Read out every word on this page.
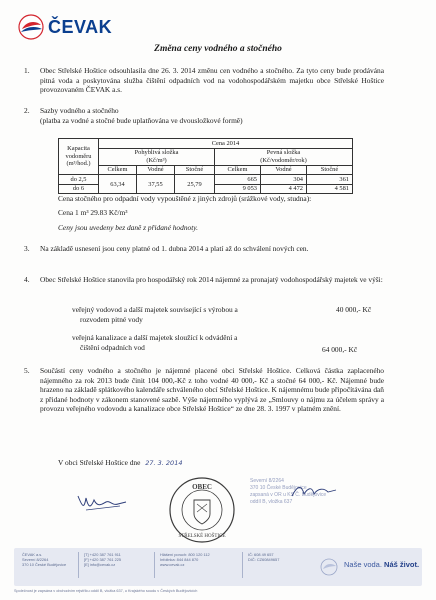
ČEVAK
Změna ceny vodného a stočného
1. Obec Střelské Hoštice odsouhlasila dne 26. 3. 2014 změnu cen vodného a stočného. Za tyto ceny bude prodávána pitná voda a poskytována služba čištění odpadních vod na vodohospodářském majetku obce Střelské Hoštice provozovaném ČEVAK a.s.
2. Sazby vodného a stočného
(platba za vodné a stočné bude uplatňována ve dvousložkové formě)
Kapacita
vodoměru
(m³/hod.)	Cena 2014					

	Pohyblivá složka
(Kč/m³)			Pevná složka
(Kč/vodoměr/rok)		

	Celkem	Vodné	Stočné	Celkem	Vodné	Stočné
do 2,5	63,34	37,55	25,79	665	304	361
do 6				9 053	4 472	4 581
Cena stočného pro odpadní vody vypouštěné z jiných zdrojů (srážkové vody, studna):
Cena 1 m³ 29.83 Kč/m³
Ceny jsou uvedeny bez daně z přidané hodnoty.
3. Na základě usnesení jsou ceny platné od 1. dubna 2014 a platí až do schválení nových cen.
4. Obec Střelské Hoštice stanovila pro hospodářský rok 2014 nájemné za pronajatý vodohospodářský majetek ve výši:
veřejný vodovod a další majetek související s výrobou a
rozvodem pitné vody
40 000,- Kč
veřejná kanalizace a další majetek sloužící k odvádění a
čištění odpadních vod	64 000,- Kč
5. Součástí ceny vodného a stočného je nájemné placené obci Střelské Hoštice. Celková částka zaplaceného nájemného za rok 2013 bude činit 104 000,-Kč z toho vodné 40 000,- Kč a stočné 64 000,- Kč. Nájemné bude hrazeno na základě splátkového kalendáře schváleného obcí Střelské Hoštice. K nájemnému bude připočítávána daň z přidané hodnoty v zákonem stanovené sazbě. Výše nájemného vyplývá ze „Smlouvy o nájmu za účelem správy a provozu veřejného vodovodu a kanalizace obce Střelské Hoštice“ ze dne 28. 3. 1997 v platném znění.
V obci Střelské Hoštice dne 27. 3. 2014
OBEC
STŘELSKÉ HOŠTICE
Severní 8/2264
370 10 České Budějovice
zapsaná v OR u KS Č. Budějovice
oddíl B, vložka 637
ČEVAK a.s.
Severní 8/2264
370 10 České Budějovice
[T] +420 387 761 911
[F] +420 387 761 225
[E] info@cevak.cz
Hlášení poruch: 800 120 112
Infolinka: 844 844 870
www.cevak.cz
IČ: 608 49 657
DIČ: CZ60849657
Naše voda. Náš život.
Společnost je zapsána v obchodním rejstříku oddíl B, vložka 637, u Krajského soudu v Českých Budějovicích
